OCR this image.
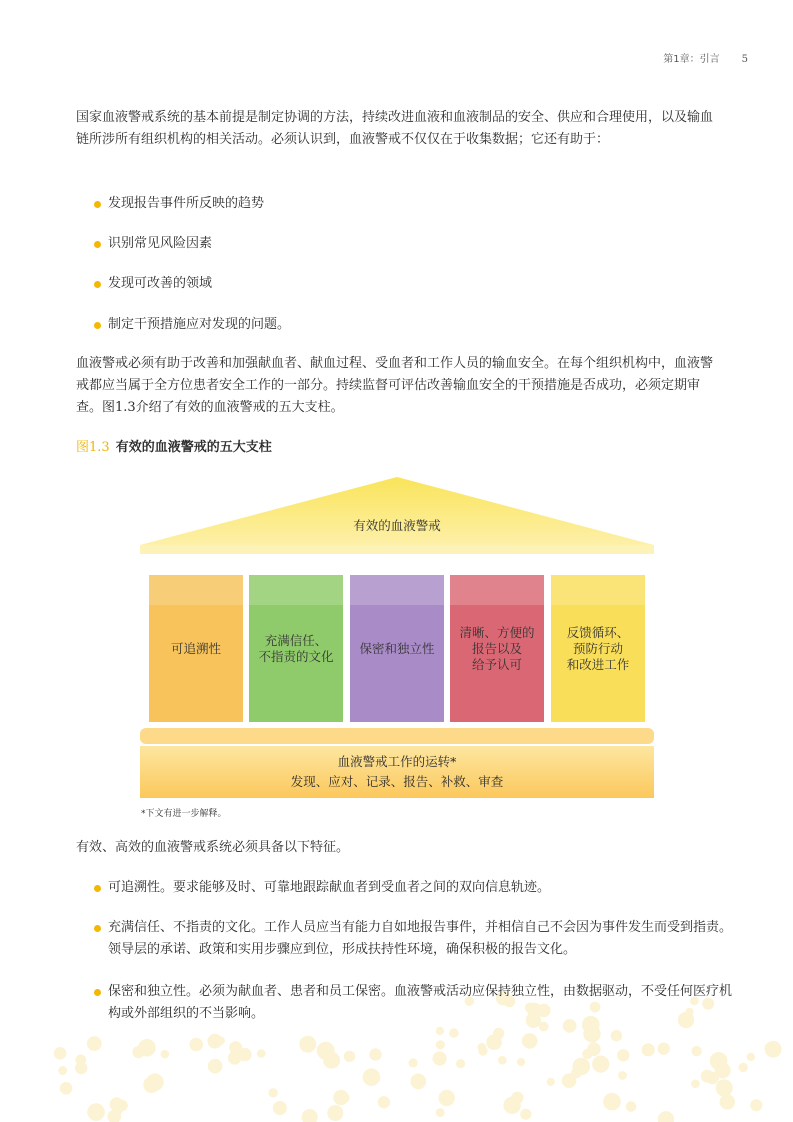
第1章：引言 5

国家血液警戒系统的基本前提是制定协调的方法，持续改进血液和血液制品的安全、供应和合理使用，以及输血链所涉所有组织机构的相关活动。必须认识到，血液警戒不仅仅在于收集数据；它还有助于：

发现报告事件所反映的趋势

识别常见风险因素

发现可改善的领域

制定干预措施应对发现的问题。

血液警戒必须有助于改善和加强献血者、献血过程、受血者和工作人员的输血安全。在每个组织机构中，血液警戒都应当属于全方位患者安全工作的一部分。持续监督可评估改善输血安全的干预措施是否成功，必须定期审查。图1.3介绍了有效的血液警戒的五大支柱。

图1.3 有效的血液警戒的五大支柱
有效的血液警戒
可追溯性
充满信任、
不指责的文化
保密和独立性
清晰、方便的
报告以及
给予认可
反馈循环、
预防行动
和改进工作
血液警戒工作的运转*
发现、应对、记录、报告、补救、审查
*下文有进一步解释。

有效、高效的血液警戒系统必须具备以下特征。

可追溯性。要求能够及时、可靠地跟踪献血者到受血者之间的双向信息轨迹。

充满信任、不指责的文化。工作人员应当有能力自如地报告事件，并相信自己不会因为事件发生而受到指责。领导层的承诺、政策和实用步骤应到位，形成扶持性环境，确保积极的报告文化。

保密和独立性。必须为献血者、患者和员工保密。血液警戒活动应保持独立性，由数据驱动，不受任何医疗机构或外部组织的不当影响。
